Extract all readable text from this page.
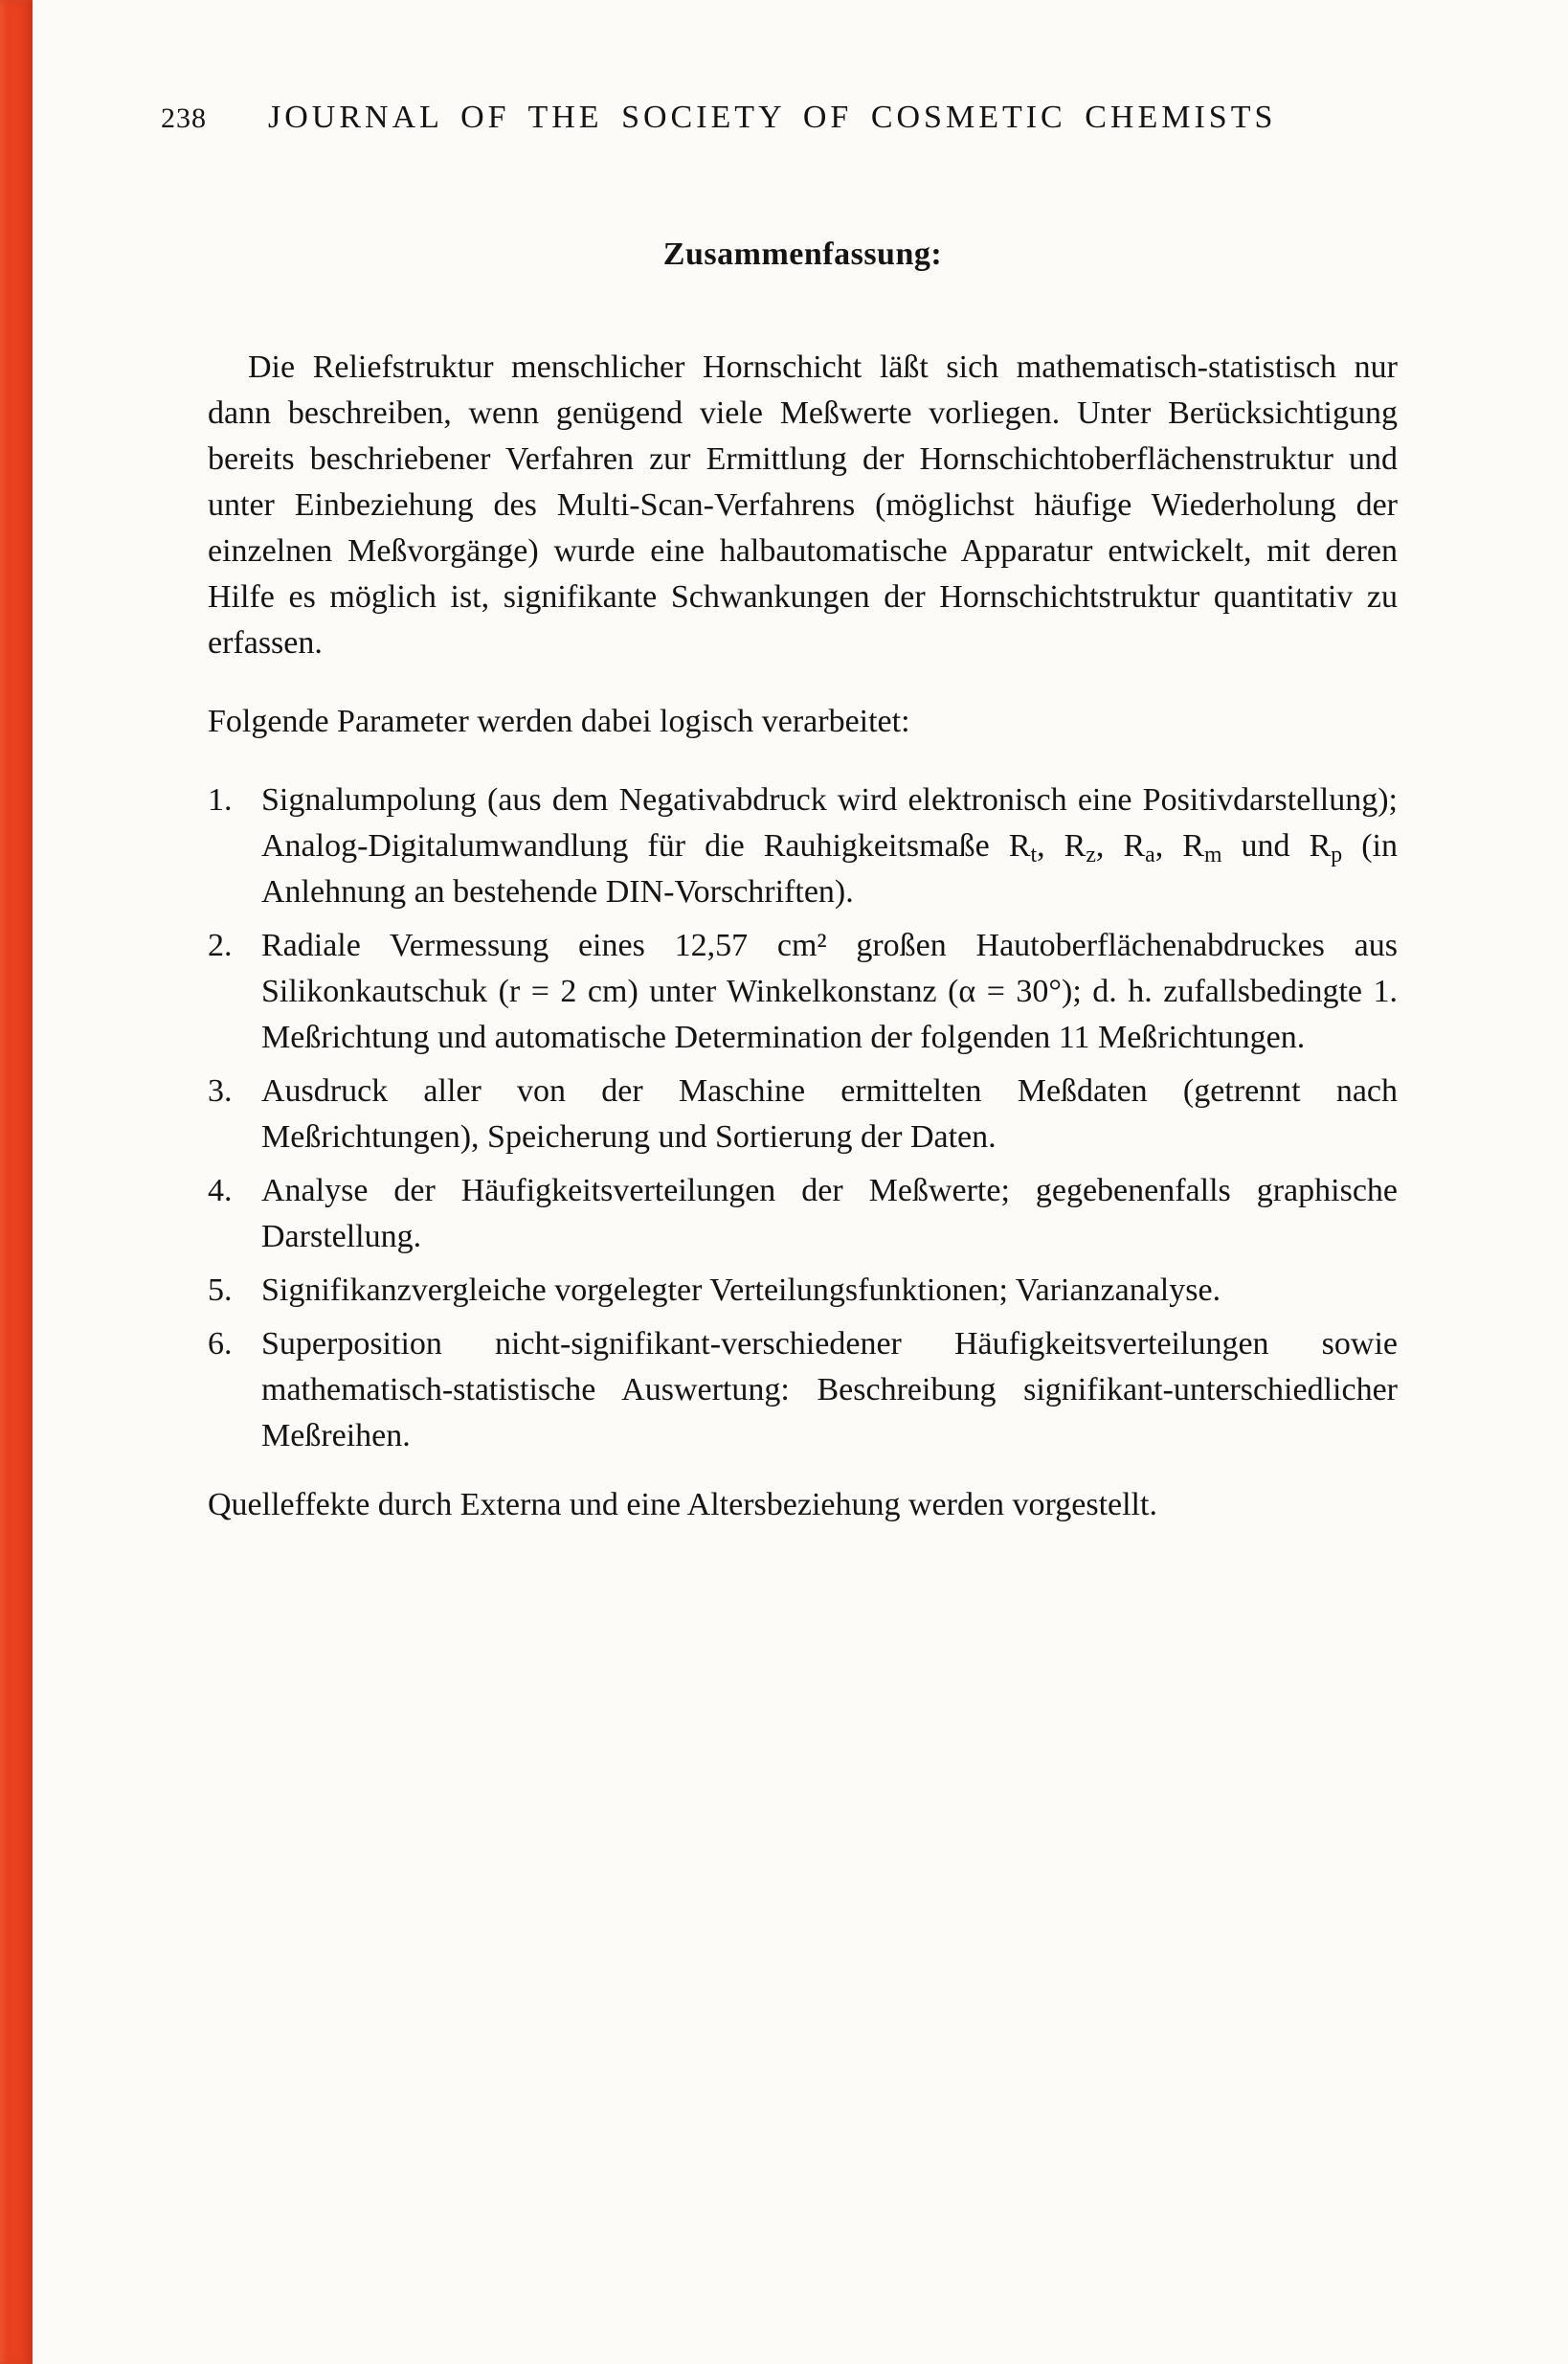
238 JOURNAL OF THE SOCIETY OF COSMETIC CHEMISTS
Zusammenfassung:

Die Reliefstruktur menschlicher Hornschicht läßt sich mathematisch-statistisch nur dann beschreiben, wenn genügend viele Meßwerte vorliegen. Unter Berücksichtigung bereits beschriebener Verfahren zur Ermittlung der Hornschichtoberflächenstruktur und unter Einbeziehung des Multi-Scan-Verfahrens (möglichst häufige Wiederholung der einzelnen Meßvorgänge) wurde eine halbautomatische Apparatur entwickelt, mit deren Hilfe es möglich ist, signifikante Schwankungen der Hornschichtstruktur quantitativ zu erfassen.

Folgende Parameter werden dabei logisch verarbeitet:

1. Signalumpolung (aus dem Negativabdruck wird elektronisch eine Positivdarstellung); Analog-Digitalumwandlung für die Rauhigkeitsmaße $R_t$, $R_z$, $R_a$, $R_m$ und $R_p$ (in Anlehnung an bestehende DIN-Vorschriften).
2. Radiale Vermessung eines 12,57 cm² großen Hautoberflächenabdruckes aus Silikonkautschuk (r = 2 cm) unter Winkelkonstanz (α = 30°); d. h. zufallsbedingte 1. Meßrichtung und automatische Determination der folgenden 11 Meßrichtungen.
3. Ausdruck aller von der Maschine ermittelten Meßdaten (getrennt nach Meßrichtungen), Speicherung und Sortierung der Daten.
4. Analyse der Häufigkeitsverteilungen der Meßwerte; gegebenenfalls graphische Darstellung.
5. Signifikanzvergleiche vorgelegter Verteilungsfunktionen; Varianzanalyse.
6. Superposition nicht-signifikant-verschiedener Häufigkeitsverteilungen sowie mathematisch-statistische Auswertung: Beschreibung signifikant-unterschiedlicher Meßreihen.

Quelleffekte durch Externa und eine Altersbeziehung werden vorgestellt.
